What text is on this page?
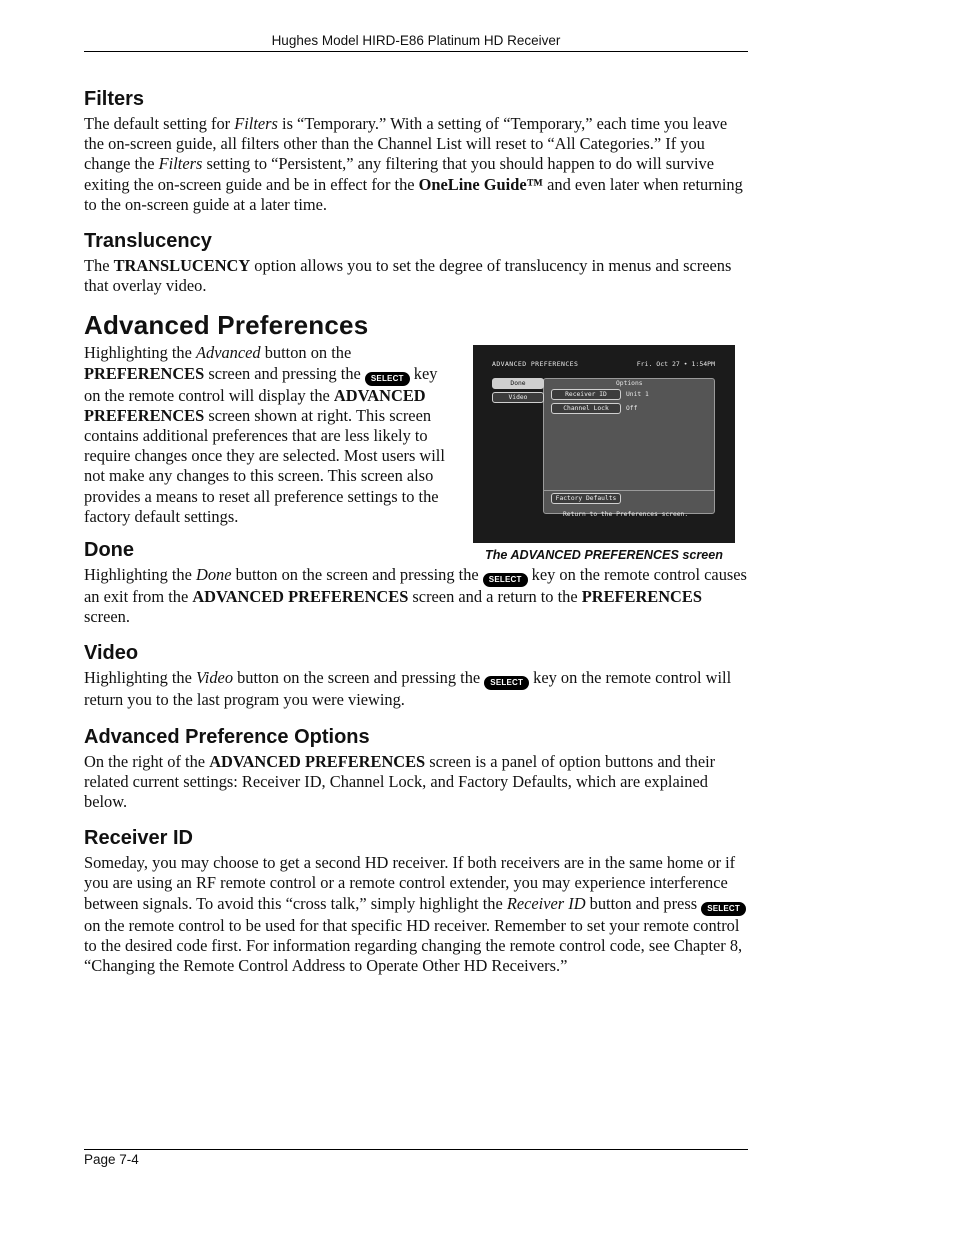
Hughes Model HIRD-E86 Platinum HD Receiver
Filters

The default setting for Filters is “Temporary.” With a setting of “Temporary,” each time you leave the on-screen guide, all filters other than the Channel List will reset to “All Categories.” If you change the Filters setting to “Persistent,” any filtering that you should happen to do will survive exiting the on-screen guide and be in effect for the OneLine Guide™ and even later when returning to the on-screen guide at a later time.

Translucency

The TRANSLUCENCY option allows you to set the degree of translucency in menus and screens that overlay video.

Advanced Preferences
ADVANCED PREFERENCES	Fri. Oct 27 • 1:54PM
Done
Video
Options
Receiver ID	Unit 1
Channel Lock	Off
Factory Defaults
Return to the Preferences screen.
The ADVANCED PREFERENCES screen

Highlighting the Advanced button on the PREFERENCES screen and pressing the SELECT key on the remote control will display the ADVANCED PREFERENCES screen shown at right. This screen contains additional preferences that are less likely to require changes once they are selected. Most users will not make any changes to this screen. This screen also provides a means to reset all preference settings to the factory default settings.

Done

Highlighting the Done button on the screen and pressing the SELECT key on the remote control causes an exit from the ADVANCED PREFERENCES screen and a return to the PREFERENCES screen.

Video

Highlighting the Video button on the screen and pressing the SELECT key on the remote control will return you to the last program you were viewing.

Advanced Preference Options

On the right of the ADVANCED PREFERENCES screen is a panel of option buttons and their related current settings: Receiver ID, Channel Lock, and Factory Defaults, which are explained below.

Receiver ID

Someday, you may choose to get a second HD receiver. If both receivers are in the same home or if you are using an RF remote control or a remote control extender, you may experience interference between signals. To avoid this “cross talk,” simply highlight the Receiver ID button and press SELECT on the remote control to be used for that specific HD receiver. Remember to set your remote control to the desired code first. For information regarding changing the remote control code, see Chapter 8, “Changing the Remote Control Address to Operate Other HD Receivers.”

Page 7-4
